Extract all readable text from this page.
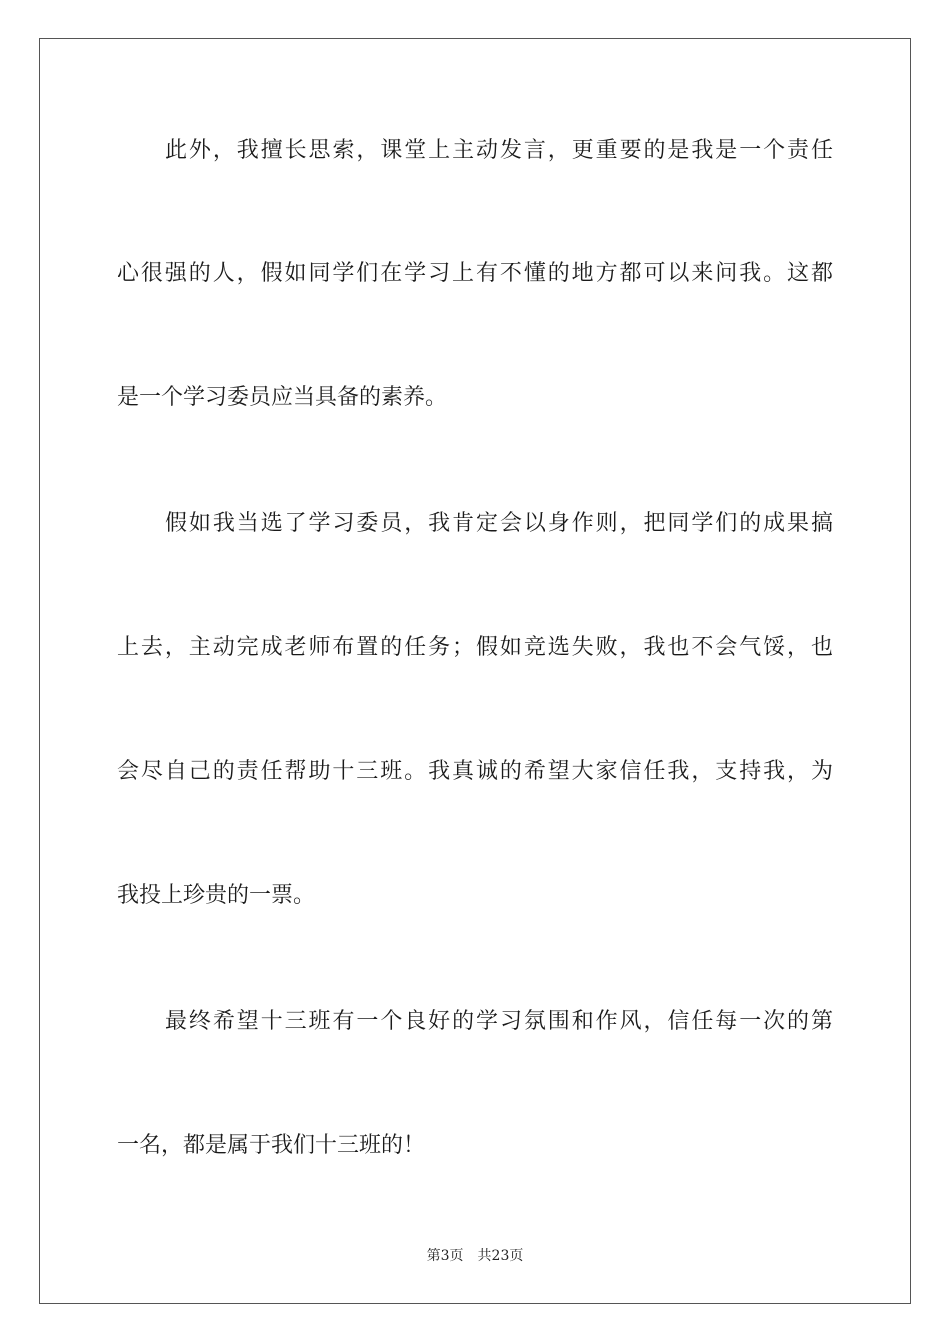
此外，我擅长思索，课堂上主动发言，更重要的是我是一个责任
心很强的人，假如同学们在学习上有不懂的地方都可以来问我。这都
是一个学习委员应当具备的素养。
假如我当选了学习委员，我肯定会以身作则，把同学们的成果搞
上去，主动完成老师布置的任务；假如竞选失败，我也不会气馁，也
会尽自己的责任帮助十三班。我真诚的希望大家信任我，支持我，为
我投上珍贵的一票。
最终希望十三班有一个良好的学习氛围和作风，信任每一次的第
一名，都是属于我们十三班的！
第3页 共23页
